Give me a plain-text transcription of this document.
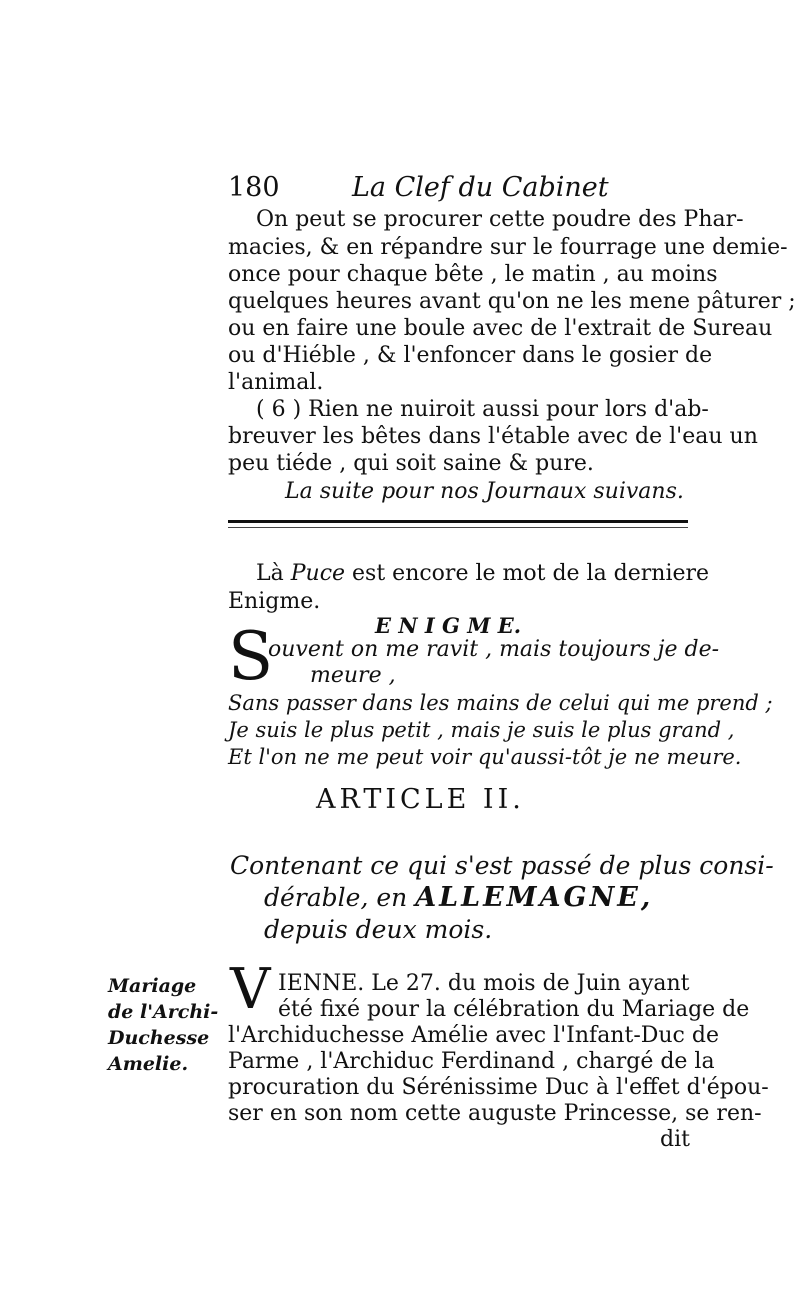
180	La Clef du Cabinet
On peut se procurer cette poudre des Phar-
macies, & en répandre sur le fourrage une demie-
once pour chaque bête , le matin , au moins
quelques heures avant qu'on ne les mene pâturer ;
ou en faire une boule avec de l'extrait de Sureau
ou d'Hiéble , & l'enfoncer dans le gosier de
l'animal.
( 6 ) Rien ne nuiroit aussi pour lors d'ab-
breuver les bêtes dans l'étable avec de l'eau un
peu tiéde , qui soit saine & pure.
La suite pour nos Journaux suivans.
Là Puce est encore le mot de la derniere
Enigme.
E N I G M E.
S
ouvent on me ravit , mais toujours je de-
meure ,
Sans passer dans les mains de celui qui me prend ;
Je suis le plus petit , mais je suis le plus grand ,
Et l'on ne me peut voir qu'aussi-tôt je ne meure.
ARTICLE II.
Contenant ce qui s'est passé de plus consi-
dérable, en ALLEMAGNE,
depuis deux mois.
Mariage
de l'Archi-
Duchesse
Amelie.
V IENNE. Le 27. du mois de Juin ayant
été fixé pour la célébration du Mariage de
l'Archiduchesse Amélie avec l'Infant-Duc de
Parme , l'Archiduc Ferdinand , chargé de la
procuration du Sérénissime Duc à l'effet d'épou-
ser en son nom cette auguste Princesse, se ren-
dit
